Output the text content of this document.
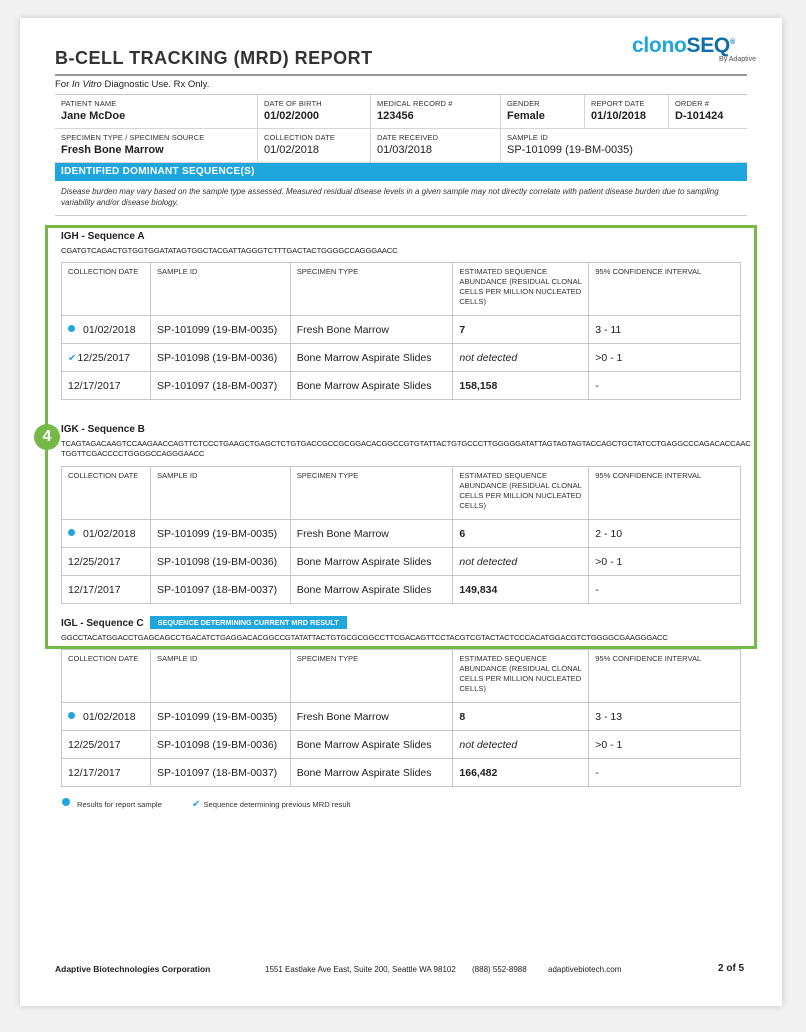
B-CELL TRACKING (MRD) REPORT
clonoSEQ®
By Adaptive
For In Vitro Diagnostic Use. Rx Only.
PATIENT NAME
Jane McDoe
DATE OF BIRTH
01/02/2000
MEDICAL RECORD #
123456
GENDER
Female
REPORT DATE
01/10/2018
ORDER #
D-101424
SPECIMEN TYPE / SPECIMEN SOURCE
Fresh Bone Marrow
COLLECTION DATE
01/02/2018
DATE RECEIVED
01/03/2018
SAMPLE ID
SP-101099 (19-BM-0035)
IDENTIFIED DOMINANT SEQUENCE(S)
Disease burden may vary based on the sample type assessed. Measured residual disease levels in a given sample may not directly correlate with patient disease burden due to sampling variability and/or disease biology.
4
IGH - Sequence A
CGATGTCAGACTGTGGTGGATATAGTGGCTACGATTAGGGTCTTTGACTACTGGGGCCAGGGAACC
COLLECTION DATE	SAMPLE ID	SPECIMEN TYPE	ESTIMATED SEQUENCE ABUNDANCE (RESIDUAL CLONAL CELLS PER MILLION NUCLEATED CELLS)	95% CONFIDENCE INTERVAL
01/02/2018	SP-101099 (19-BM-0035)	Fresh Bone Marrow	7	3 - 11
✔12/25/2017	SP-101098 (19-BM-0036)	Bone Marrow Aspirate Slides	not detected	>0 - 1
12/17/2017	SP-101097 (18-BM-0037)	Bone Marrow Aspirate Slides	158,158	-
IGK - Sequence B
TCAGTAGACAAGTCCAAGAACCAGTTCTCCCTGAAGCTGAGCTCTGTGACCGCCGCGGACACGGCCGTGTATTACTGTGCCCTTGGGGGATATTAGTAGTAGTACCAGCTGCTATCCTGAGGCCCAGACACCAACTGGTTCGACCCCTGGGGCCAGGGAACC
COLLECTION DATE	SAMPLE ID	SPECIMEN TYPE	ESTIMATED SEQUENCE ABUNDANCE (RESIDUAL CLONAL CELLS PER MILLION NUCLEATED CELLS)	95% CONFIDENCE INTERVAL
01/02/2018	SP-101099 (19-BM-0035)	Fresh Bone Marrow	6	2 - 10
12/25/2017	SP-101098 (19-BM-0036)	Bone Marrow Aspirate Slides	not detected	>0 - 1
12/17/2017	SP-101097 (18-BM-0037)	Bone Marrow Aspirate Slides	149,834	-
IGL - Sequence C SEQUENCE DETERMINING CURRENT MRD RESULT
GGCCTACATGGACCTGAGCAGCCTGACATCTGAGGACACGGCCGTATATTACTGTGCGCGGCCTTCGACAGTTCCTACGTCGTACTACTCCCACATGGACGTCTGGGGCGAAGGGACC
COLLECTION DATE	SAMPLE ID	SPECIMEN TYPE	ESTIMATED SEQUENCE ABUNDANCE (RESIDUAL CLONAL CELLS PER MILLION NUCLEATED CELLS)	95% CONFIDENCE INTERVAL
01/02/2018	SP-101099 (19-BM-0035)	Fresh Bone Marrow	8	3 - 13
12/25/2017	SP-101098 (19-BM-0036)	Bone Marrow Aspirate Slides	not detected	>0 - 1
12/17/2017	SP-101097 (18-BM-0037)	Bone Marrow Aspirate Slides	166,482	-
Results for report sample	✔ Sequence determining previous MRD result
Adaptive Biotechnologies Corporation	1551 Eastlake Ave East, Suite 200, Seattle WA 98102 (888) 552-8988	adaptivebiotech.com	2 of 5
